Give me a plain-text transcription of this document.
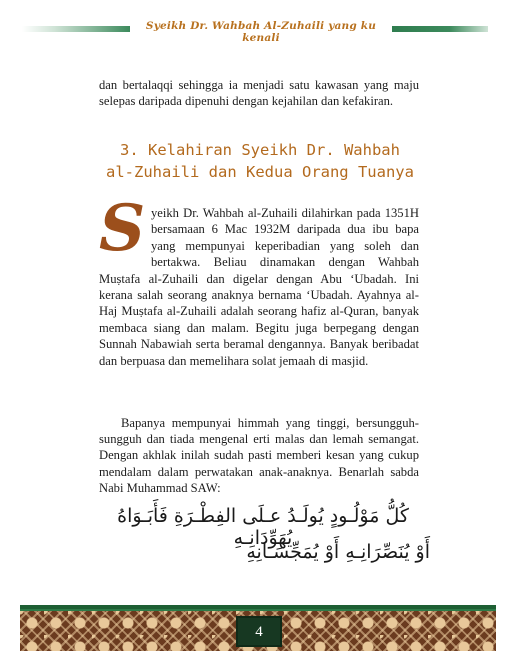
Syeikh Dr. Wahbah Al-Zuhaili yang ku kenali

dan bertalaqqi sehingga ia menjadi satu kawasan yang maju selepas daripada dipenuhi dengan kejahilan dan kefakiran.

3. Kelahiran Syeikh Dr. Wahbah
al-Zuhaili dan Kedua Orang Tuanya
S yeikh Dr. Wahbah al-Zuhaili dilahirkan pada 1351H bersamaan 6 Mac 1932M daripada dua ibu bapa yang mempunyai keperibadian yang soleh dan bertakwa. Beliau dinamakan dengan Wahbah Muṣtafa al-Zuhaili dan digelar dengan Abu ‘Ubadah. Ini kerana salah seorang anaknya bernama ‘Ubadah. Ayahnya al-Haj Muṣtafa al-Zuhaili adalah seorang hafiz al-Quran, banyak membaca siang dan malam. Begitu juga berpegang dengan Sunnah Nabawiah serta beramal dengannya. Banyak beribadat dan berpuasa dan memelihara solat jemaah di masjid.

Bapanya mempunyai himmah yang tinggi, bersungguh-sungguh dan tiada mengenal erti malas dan lemah semangat. Dengan akhlak inilah sudah pasti memberi kesan yang cukup mendalam dalam perwatakan anak-anaknya. Benarlah sabda Nabi Muhammad SAW:

كُلُّ مَوْلُـودٍ يُولَـدُ عـلَى الفِطْـرَةِ فَأَبَـوَاهُ يُهَوِّدَانِـهِ
أَوْ يُنَصِّرَانِـهِ أَوْ يُمَجِّسَـانِهِ
4
